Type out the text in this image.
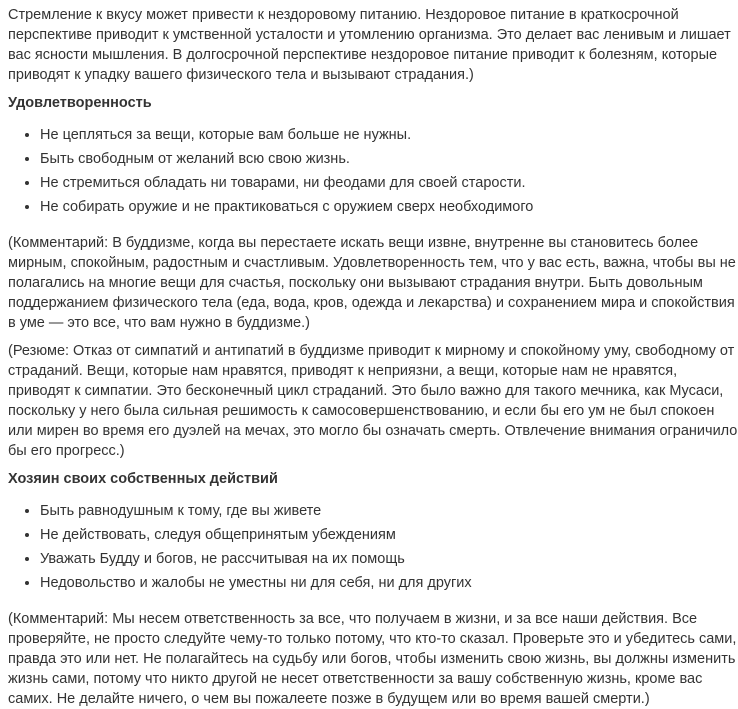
Стремление к вкусу может привести к нездоровому питанию. Нездоровое питание в краткосрочной перспективе приводит к умственной усталости и утомлению организма. Это делает вас ленивым и лишает вас ясности мышления. В долгосрочной перспективе нездоровое питание приводит к болезням, которые приводят к упадку вашего физического тела и вызывают страдания.)

Удовлетворенность
• Не цепляться за вещи, которые вам больше не нужны.
• Быть свободным от желаний всю свою жизнь.
• Не стремиться обладать ни товарами, ни феодами для своей старости.
• Не собирать оружие и не практиковаться с оружием сверх необходимого

(Комментарий: В буддизме, когда вы перестаете искать вещи извне, внутренне вы становитесь более мирным, спокойным, радостным и счастливым. Удовлетворенность тем, что у вас есть, важна, чтобы вы не полагались на многие вещи для счастья, поскольку они вызывают страдания внутри. Быть довольным поддержанием физического тела (еда, вода, кров, одежда и лекарства) и сохранением мира и спокойствия в уме — это все, что вам нужно в буддизме.)

(Резюме: Отказ от симпатий и антипатий в буддизме приводит к мирному и спокойному уму, свободному от страданий. Вещи, которые нам нравятся, приводят к неприязни, а вещи, которые нам не нравятся, приводят к симпатии. Это бесконечный цикл страданий. Это было важно для такого мечника, как Мусаси, поскольку у него была сильная решимость к самосовершенствованию, и если бы его ум не был спокоен или мирен во время его дуэлей на мечах, это могло бы означать смерть. Отвлечение внимания ограничило бы его прогресс.)

Хозяин своих собственных действий
• Быть равнодушным к тому, где вы живете
• Не действовать, следуя общепринятым убеждениям
• Уважать Будду и богов, не рассчитывая на их помощь
• Недовольство и жалобы не уместны ни для себя, ни для других

(Комментарий: Мы несем ответственность за все, что получаем в жизни, и за все наши действия. Все проверяйте, не просто следуйте чему-то только потому, что кто-то сказал. Проверьте это и убедитесь сами, правда это или нет. Не полагайтесь на судьбу или богов, чтобы изменить свою жизнь, вы должны изменить жизнь сами, потому что никто другой не несет ответственности за вашу собственную жизнь, кроме вас самих. Не делайте ничего, о чем вы пожалеете позже в будущем или во время вашей смерти.)
